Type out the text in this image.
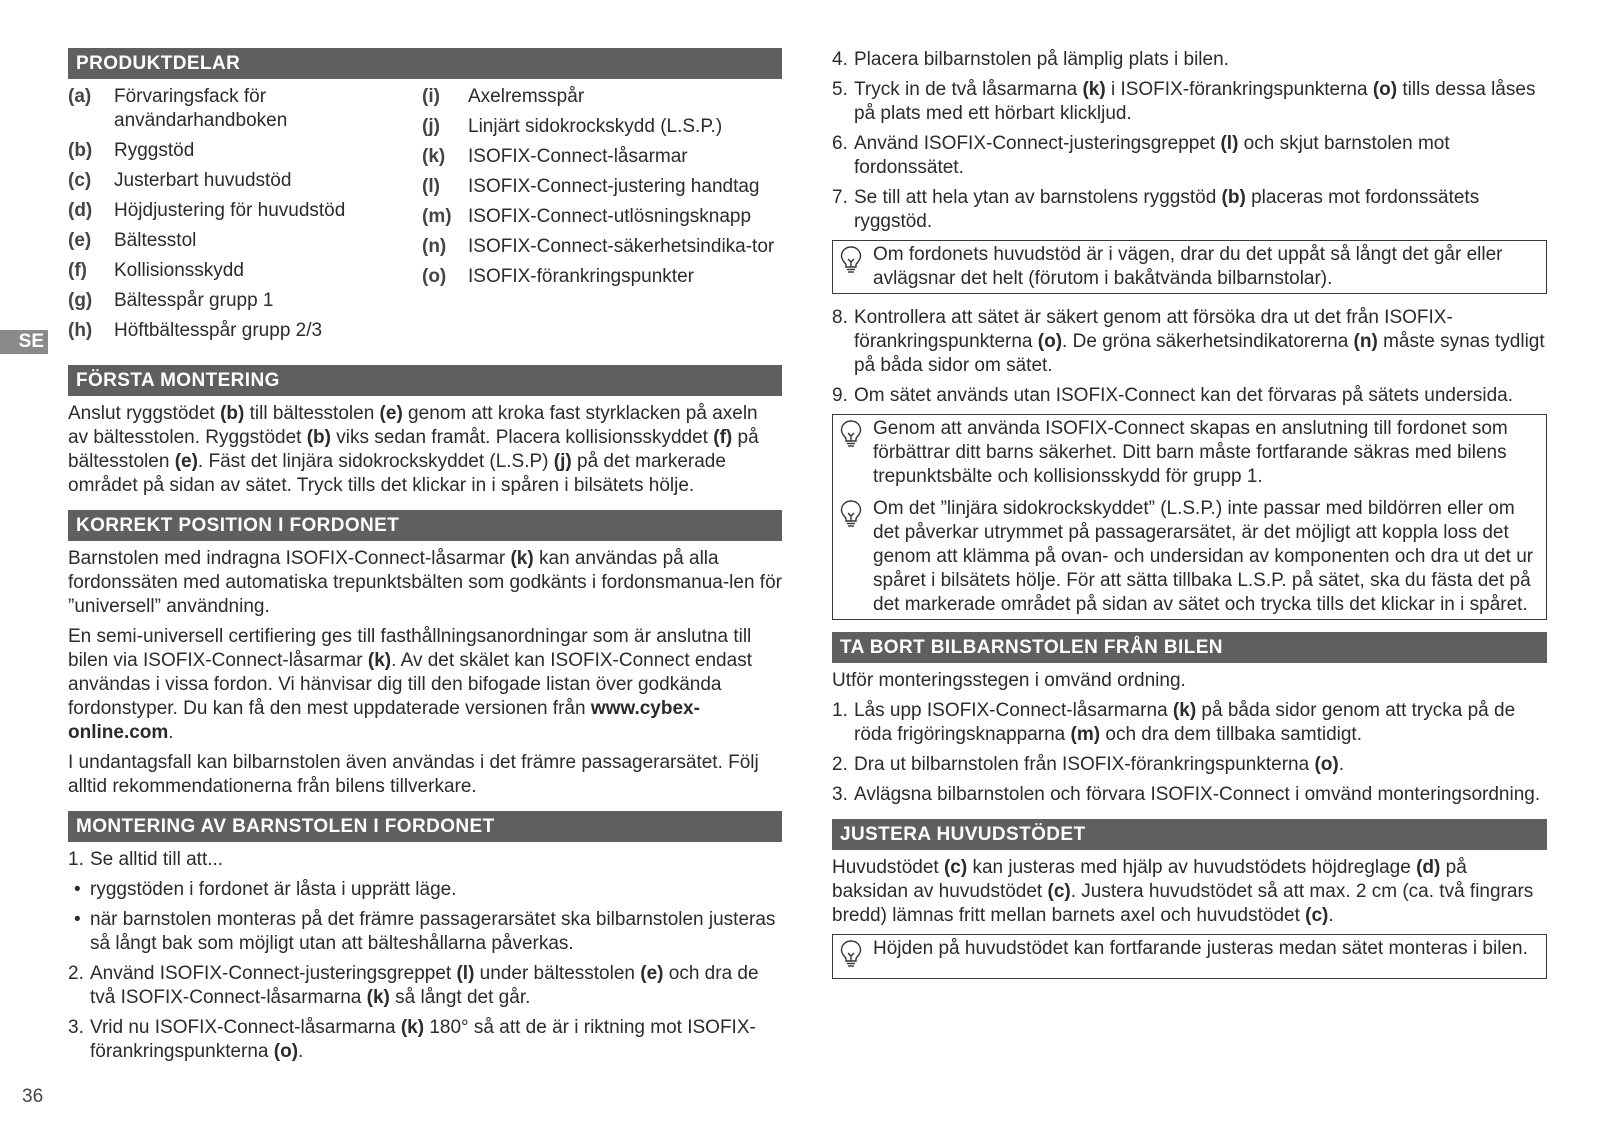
SE
36
PRODUKTDELAR
(a)	Förvaringsfack för användarhandboken
(b)	Ryggstöd
(c)	Justerbart huvudstöd
(d)	Höjdjustering för huvudstöd
(e)	Bältesstol
(f)	Kollisionsskydd
(g)	Bältesspår grupp 1
(h)	Höftbältesspår grupp 2/3
(i)	Axelremsspår
(j)	Linjärt sidokrockskydd (L.S.P.)
(k)	ISOFIX-Connect-låsarmar
(l)	ISOFIX-Connect-justering handtag
(m) ISOFIX-Connect-utlösningsknapp
(n)	ISOFIX-Connect-säkerhetsindika-tor
(o)	ISOFIX-förankringspunkter
FÖRSTA MONTERING

Anslut ryggstödet (b) till bältesstolen (e) genom att kroka fast styrklacken på axeln av bältesstolen. Ryggstödet (b) viks sedan framåt. Placera kollisionsskyddet (f) på bältesstolen (e). Fäst det linjära sidokrockskyddet (L.S.P) (j) på det markerade området på sidan av sätet. Tryck tills det klickar in i spåren i bilsätets hölje.

KORREKT POSITION I FORDONET

Barnstolen med indragna ISOFIX-Connect-låsarmar (k) kan användas på alla fordonssäten med automatiska trepunktsbälten som godkänts i fordonsmanua-len för ”universell” användning.

En semi-universell certifiering ges till fasthållningsanordningar som är anslutna till bilen via ISOFIX-Connect-låsarmar (k). Av det skälet kan ISOFIX-Connect endast användas i vissa fordon. Vi hänvisar dig till den bifogade listan över godkända fordonstyper. Du kan få den mest uppdaterade versionen från www.cybex-online.com.

I undantagsfall kan bilbarnstolen även användas i det främre passagerarsätet. Följ alltid rekommendationerna från bilens tillverkare.

MONTERING AV BARNSTOLEN I FORDONET
1. Se alltid till att...
• ryggstöden i fordonet är låsta i upprätt läge.
• när barnstolen monteras på det främre passagerarsätet ska bilbarnstolen justeras så långt bak som möjligt utan att bälteshållarna påverkas.
2. Använd ISOFIX-Connect-justeringsgreppet (l) under bältesstolen (e) och dra de två ISOFIX-Connect-låsarmarna (k) så långt det går.
3. Vrid nu ISOFIX-Connect-låsarmarna (k) 180° så att de är i riktning mot ISOFIX-förankringspunkterna (o).
4. Placera bilbarnstolen på lämplig plats i bilen.
5. Tryck in de två låsarmarna (k) i ISOFIX-förankringspunkterna (o) tills dessa låses på plats med ett hörbart klickljud.
6. Använd ISOFIX-Connect-justeringsgreppet (l) och skjut barnstolen mot fordonssätet.
7. Se till att hela ytan av barnstolens ryggstöd (b) placeras mot fordonssätets ryggstöd.
Om fordonets huvudstöd är i vägen, drar du det uppåt så långt det går eller avlägsnar det helt (förutom i bakåtvända bilbarnstolar).
8. Kontrollera att sätet är säkert genom att försöka dra ut det från ISOFIX-förankringspunkterna (o). De gröna säkerhetsindikatorerna (n) måste synas tydligt på båda sidor om sätet.
9. Om sätet används utan ISOFIX-Connect kan det förvaras på sätets undersida.
Genom att använda ISOFIX-Connect skapas en anslutning till fordonet som förbättrar ditt barns säkerhet. Ditt barn måste fortfarande säkras med bilens trepunktsbälte och kollisionsskydd för grupp 1.
Om det ”linjära sidokrockskyddet” (L.S.P.) inte passar med bildörren eller om det påverkar utrymmet på passagerarsätet, är det möjligt att koppla loss det genom att klämma på ovan- och undersidan av komponenten och dra ut det ur spåret i bilsätets hölje. För att sätta tillbaka L.S.P. på sätet, ska du fästa det på det markerade området på sidan av sätet och trycka tills det klickar in i spåret.
TA BORT BILBARNSTOLEN FRÅN BILEN

Utför monteringsstegen i omvänd ordning.

1. Lås upp ISOFIX-Connect-låsarmarna (k) på båda sidor genom att trycka på de röda frigöringsknapparna (m) och dra dem tillbaka samtidigt.
2. Dra ut bilbarnstolen från ISOFIX-förankringspunkterna (o).
3. Avlägsna bilbarnstolen och förvara ISOFIX-Connect i omvänd monteringsordning.
JUSTERA HUVUDSTÖDET

Huvudstödet (c) kan justeras med hjälp av huvudstödets höjdreglage (d) på baksidan av huvudstödet (c). Justera huvudstödet så att max. 2 cm (ca. två fingrars bredd) lämnas fritt mellan barnets axel och huvudstödet (c).

Höjden på huvudstödet kan fortfarande justeras medan sätet monteras i bilen.
